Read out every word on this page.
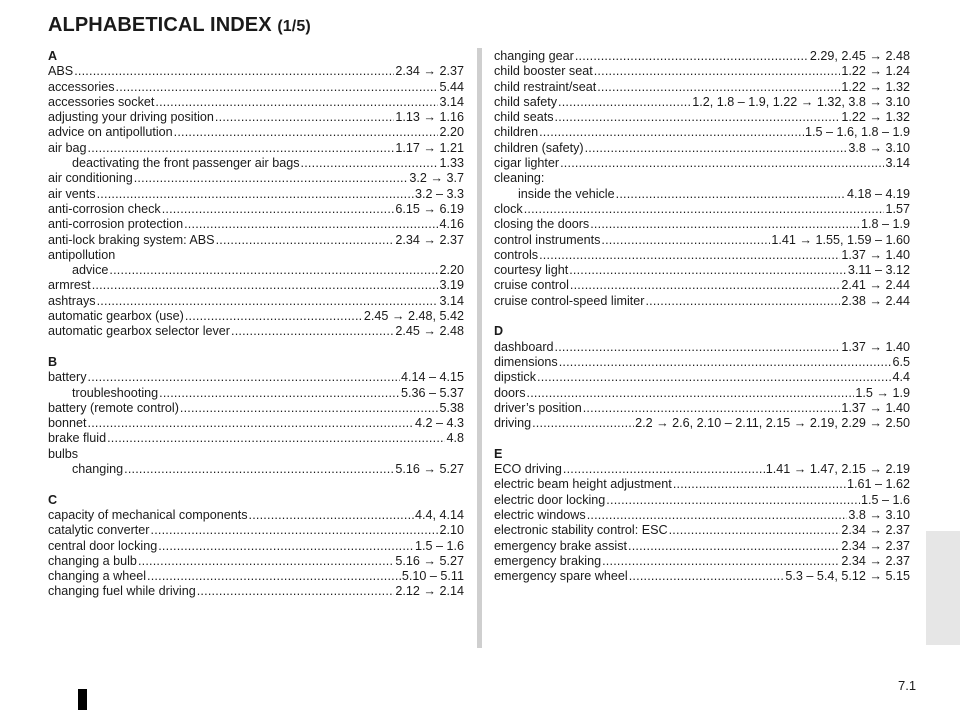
ALPHABETICAL INDEX (1/5)
A
ABS .....	2.34 → 2.37
accessories .....	5.44
accessories socket .....	3.14
adjusting your driving position .....	1.13 → 1.16
advice on antipollution .....	2.20
air bag .....	1.17 → 1.21
deactivating the front passenger air bags .....	1.33
air conditioning .....	3.2 → 3.7
air vents .....	3.2 – 3.3
anti-corrosion check .....	6.15 → 6.19
anti-corrosion protection .....	4.16
anti-lock braking system: ABS .....	2.34 → 2.37
antipollution
advice .....	2.20
armrest .....	3.19
ashtrays .....	3.14
automatic gearbox (use) .....	2.45 → 2.48, 5.42
automatic gearbox selector lever .....	2.45 → 2.48
B
battery .....	4.14 – 4.15
troubleshooting .....	5.36 – 5.37
battery (remote control) .....	5.38
bonnet .....	4.2 – 4.3
brake fluid .....	4.8
bulbs
changing .....	5.16 → 5.27
C
capacity of mechanical components .....	4.4, 4.14
catalytic converter .....	2.10
central door locking .....	1.5 – 1.6
changing a bulb .....	5.16 → 5.27
changing a wheel .....	5.10 – 5.11
changing fuel while driving .....	2.12 → 2.14
changing gear .....	2.29, 2.45 → 2.48
child booster seat .....	1.22 → 1.24
child restraint/seat .....	1.22 → 1.32
child safety .....	1.2, 1.8 – 1.9, 1.22 → 1.32, 3.8 → 3.10
child seats .....	1.22 → 1.32
children .....	1.5 – 1.6, 1.8 – 1.9
children (safety) .....	3.8 → 3.10
cigar lighter .....	3.14
cleaning:
inside the vehicle .....	4.18 – 4.19
clock .....	1.57
closing the doors .....	1.8 – 1.9
control instruments .....	1.41 → 1.55, 1.59 – 1.60
controls .....	1.37 → 1.40
courtesy light .....	3.11 – 3.12
cruise control .....	2.41 → 2.44
cruise control-speed limiter .....	2.38 → 2.44
D
dashboard .....	1.37 → 1.40
dimensions .....	6.5
dipstick .....	4.4
doors .....	1.5 → 1.9
driver’s position .....	1.37 → 1.40
driving .....	2.2 → 2.6, 2.10 – 2.11, 2.15 → 2.19, 2.29 → 2.50
E
ECO driving .....	1.41 → 1.47, 2.15 → 2.19
electric beam height adjustment .....	1.61 – 1.62
electric door locking .....	1.5 – 1.6
electric windows .....	3.8 → 3.10
electronic stability control: ESC .....	2.34 → 2.37
emergency brake assist .....	2.34 → 2.37
emergency braking .....	2.34 → 2.37
emergency spare wheel .....	5.3 – 5.4, 5.12 → 5.15
7.1
